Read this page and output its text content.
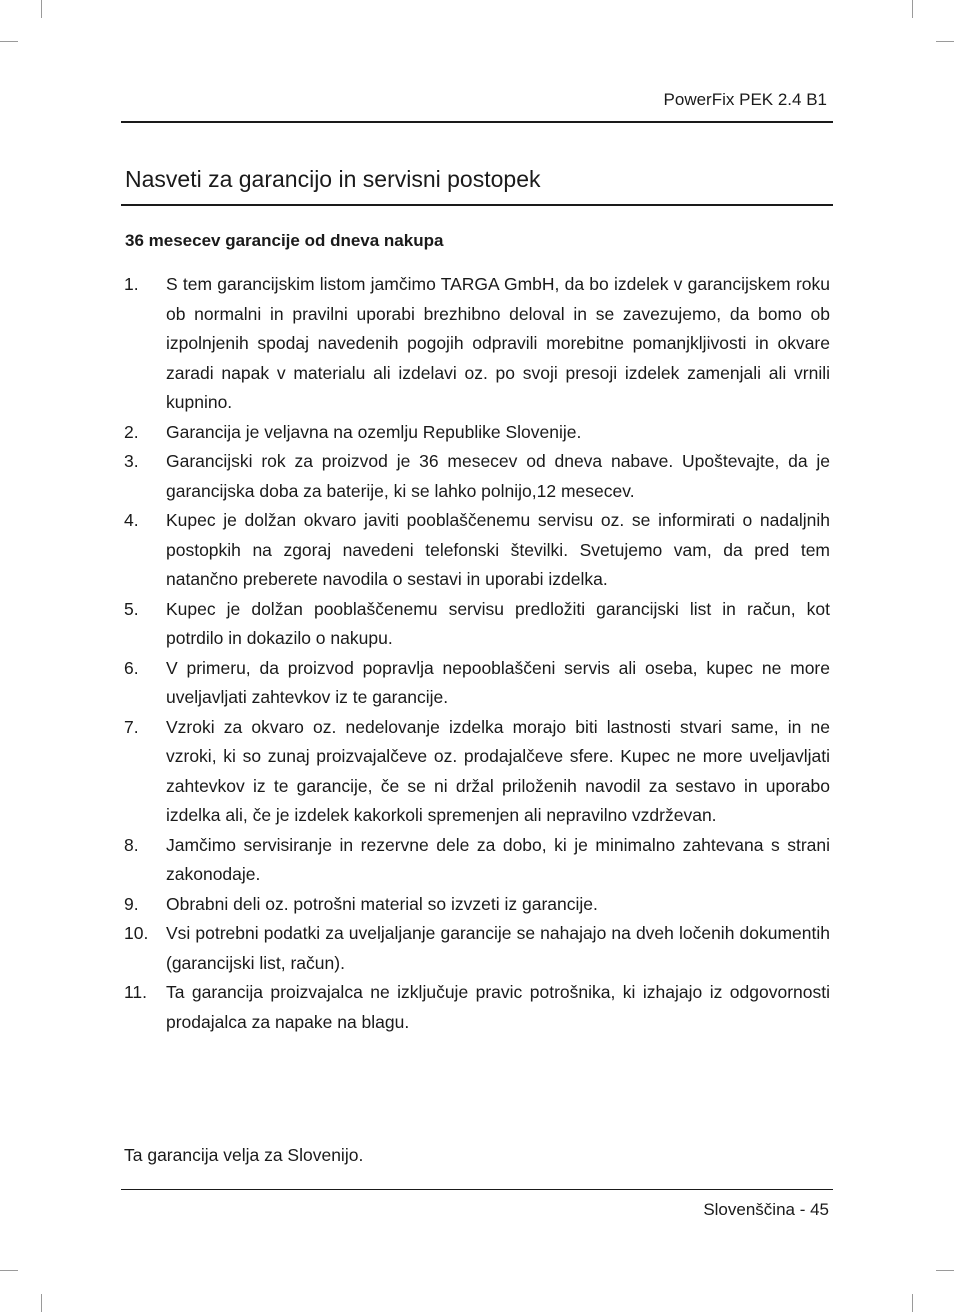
PowerFix PEK 2.4 B1
Nasveti za garancijo in servisni postopek
36 mesecev garancije od dneva nakupa
1.	S tem garancijskim listom jamčimo TARGA GmbH, da bo izdelek v garancijskem roku ob normalni in pravilni uporabi brezhibno deloval in se zavezujemo, da bomo ob izpolnjenih spodaj navedenih pogojih odpravili morebitne pomanjkljivosti in okvare zaradi napak v materialu ali izdelavi oz. po svoji presoji izdelek zamenjali ali vrnili kupnino.
2.	Garancija je veljavna na ozemlju Republike Slovenije.
3.	Garancijski rok za proizvod je 36 mesecev od dneva nabave. Upoštevajte, da je garancijska doba za baterije, ki se lahko polnijo,12 mesecev.
4.	Kupec je dolžan okvaro javiti pooblaščenemu servisu oz. se informirati o nadaljnih postopkih na zgoraj navedeni telefonski številki. Svetujemo vam, da pred tem natančno preberete navodila o sestavi in uporabi izdelka.
5.	Kupec je dolžan pooblaščenemu servisu predložiti garancijski list in račun, kot potrdilo in dokazilo o nakupu.
6.	V primeru, da proizvod popravlja nepooblaščeni servis ali oseba, kupec ne more uveljavljati zahtevkov iz te garancije.
7.	Vzroki za okvaro oz. nedelovanje izdelka morajo biti lastnosti stvari same, in ne vzroki, ki so zunaj proizvajalčeve oz. prodajalčeve sfere. Kupec ne more uveljavljati zahtevkov iz te garancije, če se ni držal priloženih navodil za sestavo in uporabo izdelka ali, če je izdelek kakorkoli spremenjen ali nepravilno vzdrževan.
8.	Jamčimo servisiranje in rezervne dele za dobo, ki je minimalno zahtevana s strani zakonodaje.
9.	Obrabni deli oz. potrošni material so izvzeti iz garancije.
10.	Vsi potrebni podatki za uveljaljanje garancije se nahajajo na dveh ločenih dokumentih (garancijski list, račun).
11.	Ta garancija proizvajalca ne izključuje pravic potrošnika, ki izhajajo iz odgovornosti prodajalca za napake na blagu.
Ta garancija velja za Slovenijo.
Slovenščina - 45
